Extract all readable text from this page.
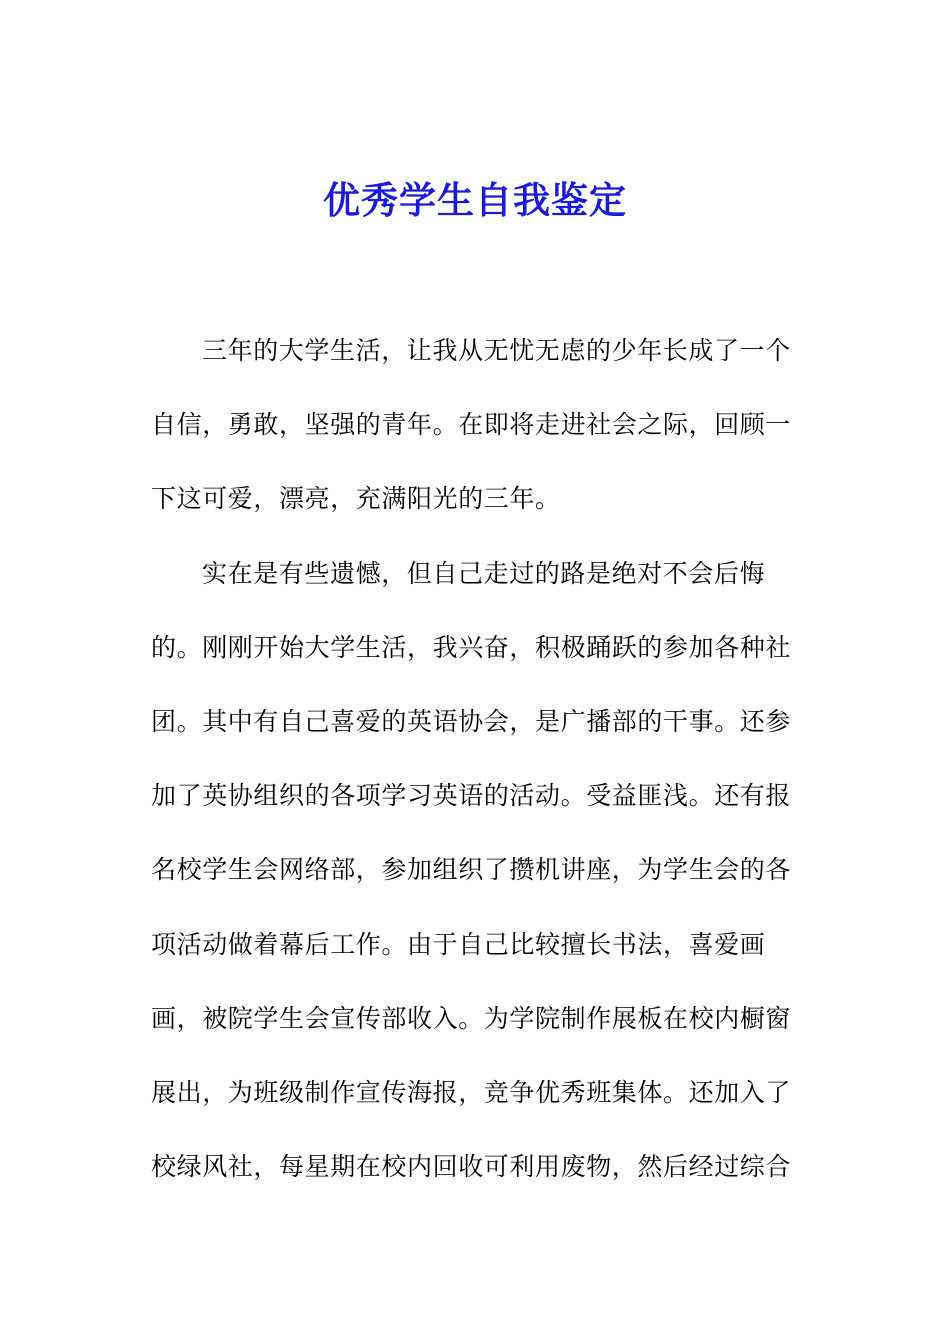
优秀学生自我鉴定
三年的大学生活，让我从无忧无虑的少年长成了一个
自信，勇敢，坚强的青年。在即将走进社会之际，回顾一
下这可爱，漂亮，充满阳光的三年。
实在是有些遗憾，但自己走过的路是绝对不会后悔
的。刚刚开始大学生活，我兴奋，积极踊跃的参加各种社
团。其中有自己喜爱的英语协会，是广播部的干事。还参
加了英协组织的各项学习英语的活动。受益匪浅。还有报
名校学生会网络部，参加组织了攒机讲座，为学生会的各
项活动做着幕后工作。由于自己比较擅长书法，喜爱画
画，被院学生会宣传部收入。为学院制作展板在校内橱窗
展出，为班级制作宣传海报，竞争优秀班集体。还加入了
校绿风社，每星期在校内回收可利用废物，然后经过综合
